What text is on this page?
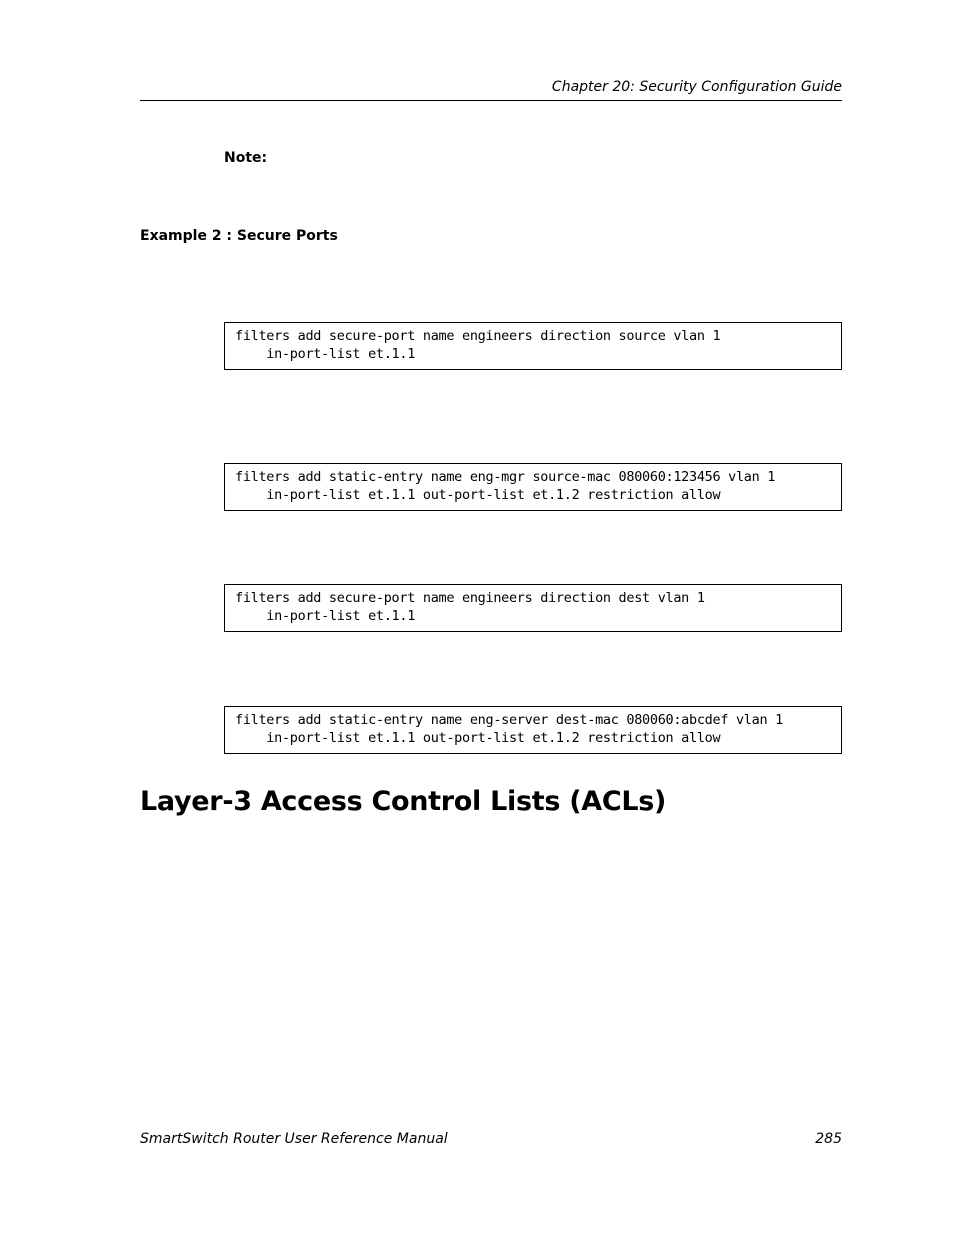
Chapter 20: Security Configuration Guide
Note:
Example 2 : Secure Ports
filters add secure-port name engineers direction source vlan 1
in-port-list et.1.1
filters add static-entry name eng-mgr source-mac 080060:123456 vlan 1
in-port-list et.1.1 out-port-list et.1.2 restriction allow
filters add secure-port name engineers direction dest vlan 1
in-port-list et.1.1
filters add static-entry name eng-server dest-mac 080060:abcdef vlan 1
in-port-list et.1.1 out-port-list et.1.2 restriction allow
Layer-3 Access Control Lists (ACLs)
SmartSwitch Router User Reference Manual	285
